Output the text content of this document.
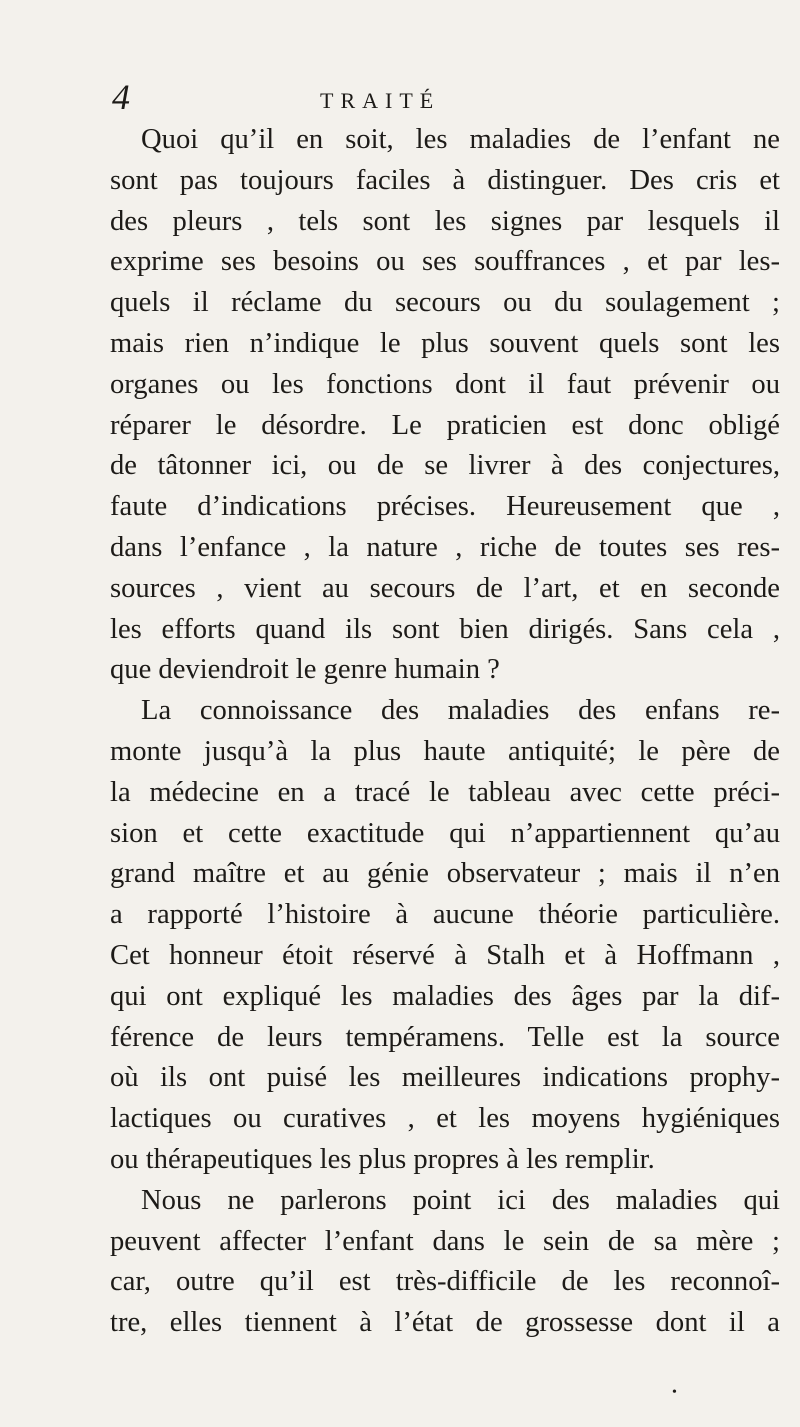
4	TRAITÉ
Quoi qu’il en soit, les maladies de l’enfant ne
sont pas toujours faciles à distinguer. Des cris et
des pleurs , tels sont les signes par lesquels il
exprime ses besoins ou ses souffrances , et par les-
quels il réclame du secours ou du soulagement ;
mais rien n’indique le plus souvent quels sont les
organes ou les fonctions dont il faut prévenir ou
réparer le désordre. Le praticien est donc obligé
de tâtonner ici, ou de se livrer à des conjectures,
faute d’indications précises. Heureusement que ,
dans l’enfance , la nature , riche de toutes ses res-
sources , vient au secours de l’art, et en seconde
les efforts quand ils sont bien dirigés. Sans cela ,
que deviendroit le genre humain ?
La connoissance des maladies des enfans re-
monte jusqu’à la plus haute antiquité; le père de
la médecine en a tracé le tableau avec cette préci-
sion et cette exactitude qui n’appartiennent qu’au
grand maître et au génie observateur ; mais il n’en
a rapporté l’histoire à aucune théorie particulière.
Cet honneur étoit réservé à Stalh et à Hoffmann ,
qui ont expliqué les maladies des âges par la dif-
férence de leurs tempéramens. Telle est la source
où ils ont puisé les meilleures indications prophy-
lactiques ou curatives , et les moyens hygiéniques
ou thérapeutiques les plus propres à les remplir.
Nous ne parlerons point ici des maladies qui
peuvent affecter l’enfant dans le sein de sa mère ;
car, outre qu’il est très-difficile de les reconnoî-
tre, elles tiennent à l’état de grossesse dont il a
•
